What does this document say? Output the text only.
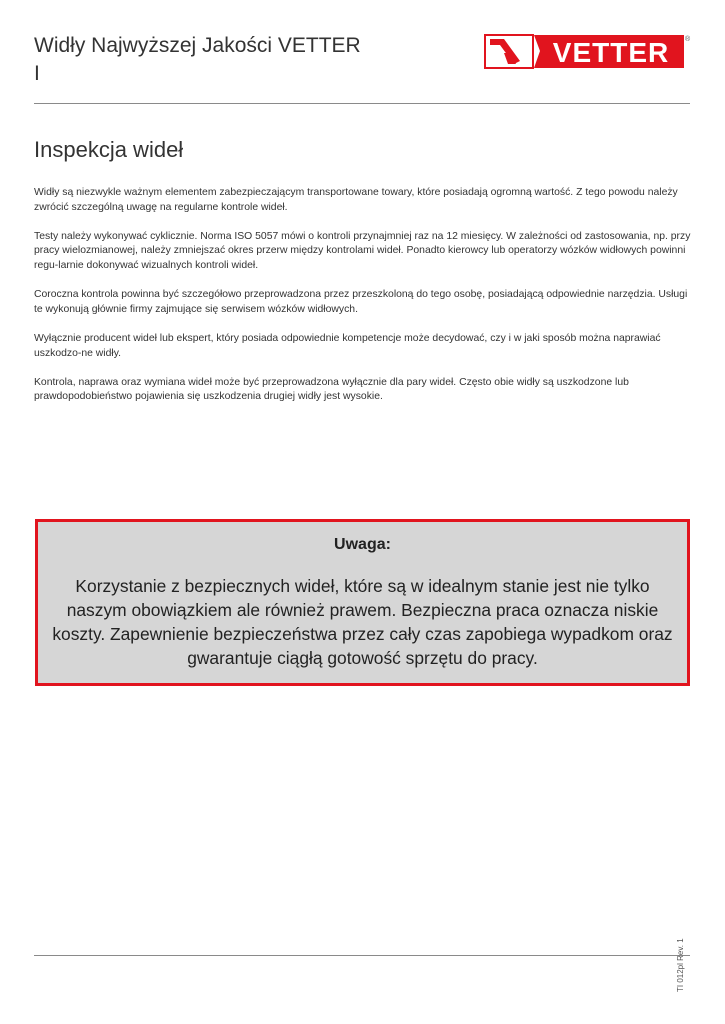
Widły Najwyższej Jakości VETTER
I
VETTER ®
Inspekcja wideł

Widły są niezwykle ważnym elementem zabezpieczającym transportowane towary, które posiadają ogromną wartość. Z tego powodu należy zwrócić szczególną uwagę na regularne kontrole wideł.

Testy należy wykonywać cyklicznie. Norma ISO 5057 mówi o kontroli przynajmniej raz na 12 miesięcy. W zależności od zastosowania, np. przy pracy wielozmianowej, należy zmniejszać okres przerw między kontrolami wideł. Ponadto kierowcy lub operatorzy wózków widłowych powinni regu-larnie dokonywać wizualnych kontroli wideł.

Coroczna kontrola powinna być szczegółowo przeprowadzona przez przeszkoloną do tego osobę, posiadającą odpowiednie narzędzia. Usługi te wykonują głównie firmy zajmujące się serwisem wózków widłowych.

Wyłącznie producent wideł lub ekspert, który posiada odpowiednie kompetencje może decydować, czy i w jaki sposób można naprawiać uszkodzo-ne widły.

Kontrola, naprawa oraz wymiana wideł może być przeprowadzona wyłącznie dla pary wideł. Często obie widły są uszkodzone lub prawdopodobieństwo pojawienia się uszkodzenia drugiej widły jest wysokie.

Uwaga:
Korzystanie z bezpiecznych wideł, które są w idealnym stanie jest nie tylko naszym obowiązkiem ale również prawem. Bezpieczna praca oznacza niskie koszty. Zapewnienie bezpieczeństwa przez cały czas zapobiega wypadkom oraz gwarantuje ciągłą gotowość sprzętu do pracy.
TI 012pl Rev. 1
